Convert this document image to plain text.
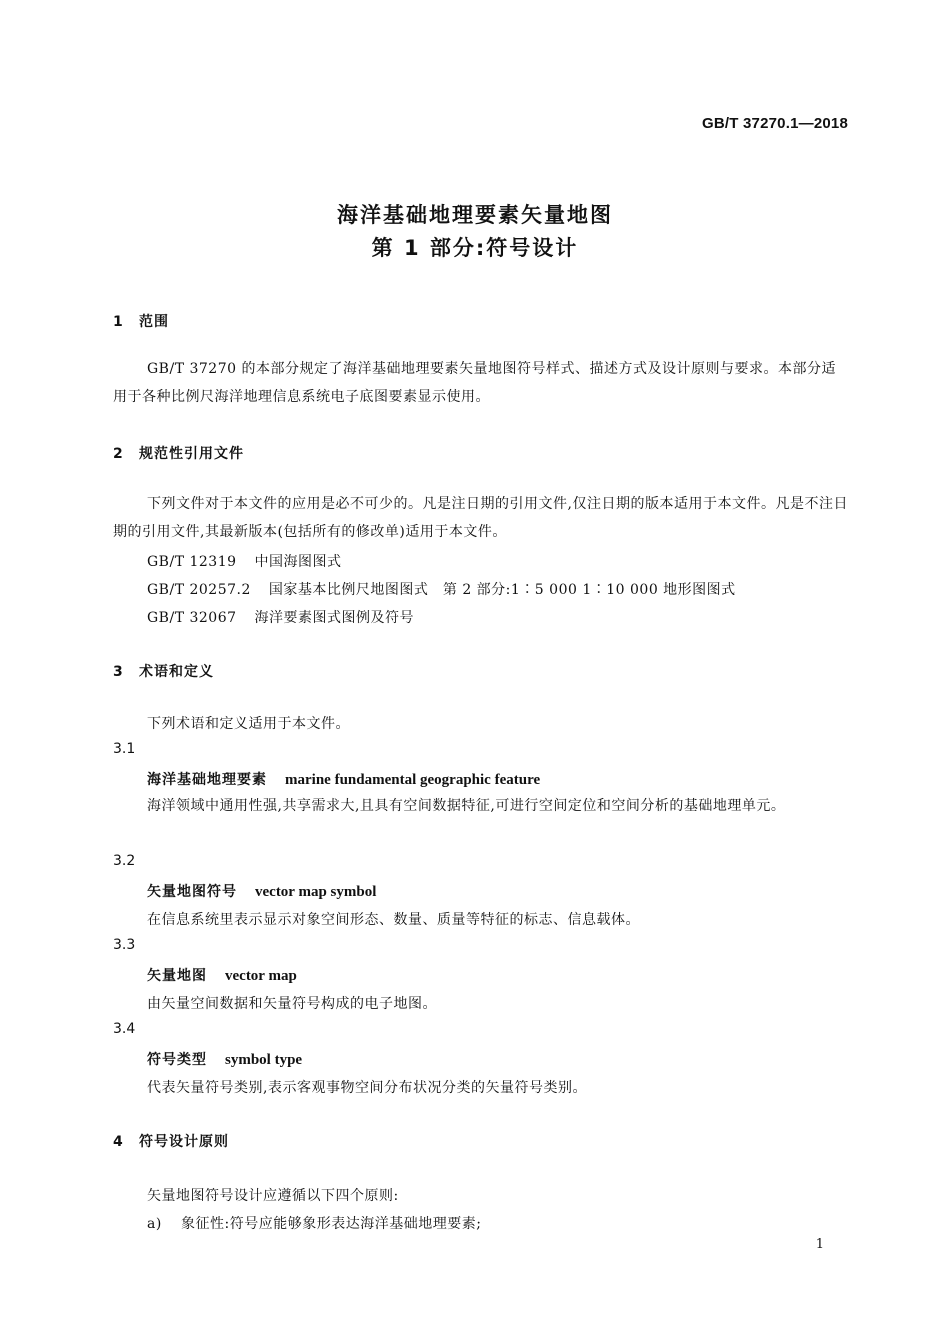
GB/T 37270.1—2018
海洋基础地理要素矢量地图
第 1 部分:符号设计
1 范围
GB/T 37270 的本部分规定了海洋基础地理要素矢量地图符号样式、描述方式及设计原则与要求。本部分适用于各种比例尺海洋地理信息系统电子底图要素显示使用。
2 规范性引用文件
下列文件对于本文件的应用是必不可少的。凡是注日期的引用文件,仅注日期的版本适用于本文件。凡是不注日期的引用文件,其最新版本(包括所有的修改单)适用于本文件。
GB/T 12319 中国海图图式
GB/T 20257.2 国家基本比例尺地图图式　第 2 部分:1∶5 000 1∶10 000 地形图图式
GB/T 32067 海洋要素图式图例及符号
3 术语和定义
下列术语和定义适用于本文件。
3.1
海洋基础地理要素 marine fundamental geographic feature
海洋领域中通用性强,共享需求大,且具有空间数据特征,可进行空间定位和空间分析的基础地理单元。
3.2
矢量地图符号 vector map symbol
在信息系统里表示显示对象空间形态、数量、质量等特征的标志、信息载体。
3.3
矢量地图 vector map
由矢量空间数据和矢量符号构成的电子地图。
3.4
符号类型 symbol type
代表矢量符号类别,表示客观事物空间分布状况分类的矢量符号类别。
4 符号设计原则
矢量地图符号设计应遵循以下四个原则:
a) 象征性:符号应能够象形表达海洋基础地理要素;
1
